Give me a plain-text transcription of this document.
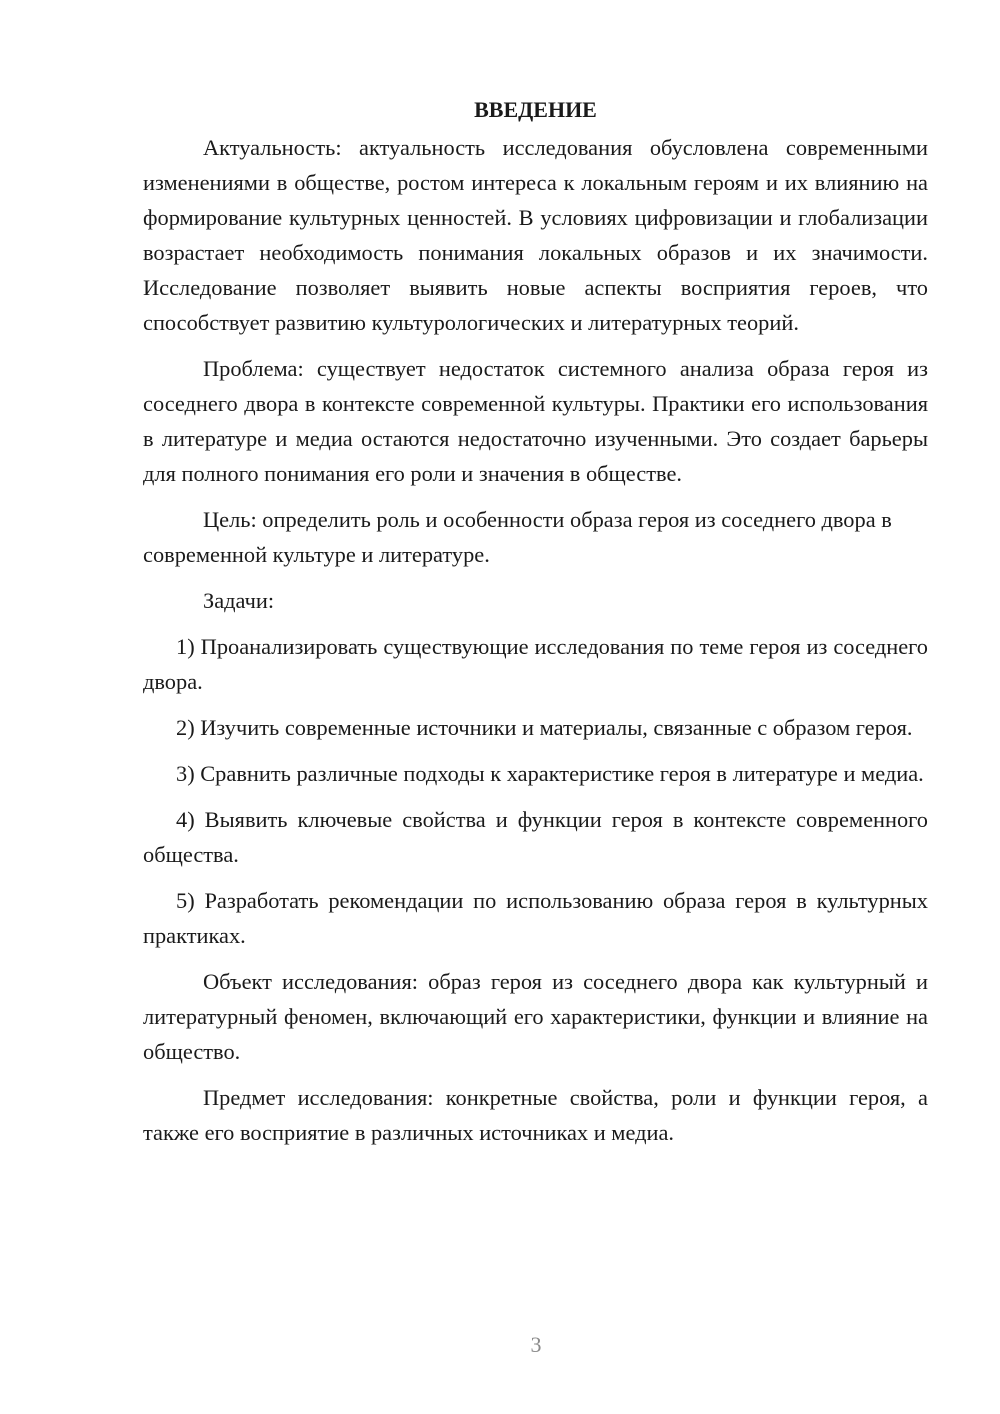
ВВЕДЕНИЕ

Актуальность: актуальность исследования обусловлена современными изменениями в обществе, ростом интереса к локальным героям и их влиянию на формирование культурных ценностей. В условиях цифровизации и глобализации возрастает необходимость понимания локальных образов и их значимости. Исследование позволяет выявить новые аспекты восприятия героев, что способствует развитию культурологических и литературных теорий.

Проблема: существует недостаток системного анализа образа героя из соседнего двора в контексте современной культуры. Практики его использования в литературе и медиа остаются недостаточно изученными. Это создает барьеры для полного понимания его роли и значения в обществе.

Цель: определить роль и особенности образа героя из соседнего двора в современной культуре и литературе.

Задачи:

1) Проанализировать существующие исследования по теме героя из соседнего двора.

2) Изучить современные источники и материалы, связанные с образом героя.

3) Сравнить различные подходы к характеристике героя в литературе и медиа.

4) Выявить ключевые свойства и функции героя в контексте современного общества.

5) Разработать рекомендации по использованию образа героя в культурных практиках.

Объект исследования: образ героя из соседнего двора как культурный и литературный феномен, включающий его характеристики, функции и влияние на общество.

Предмет исследования: конкретные свойства, роли и функции героя, а также его восприятие в различных источниках и медиа.

3
